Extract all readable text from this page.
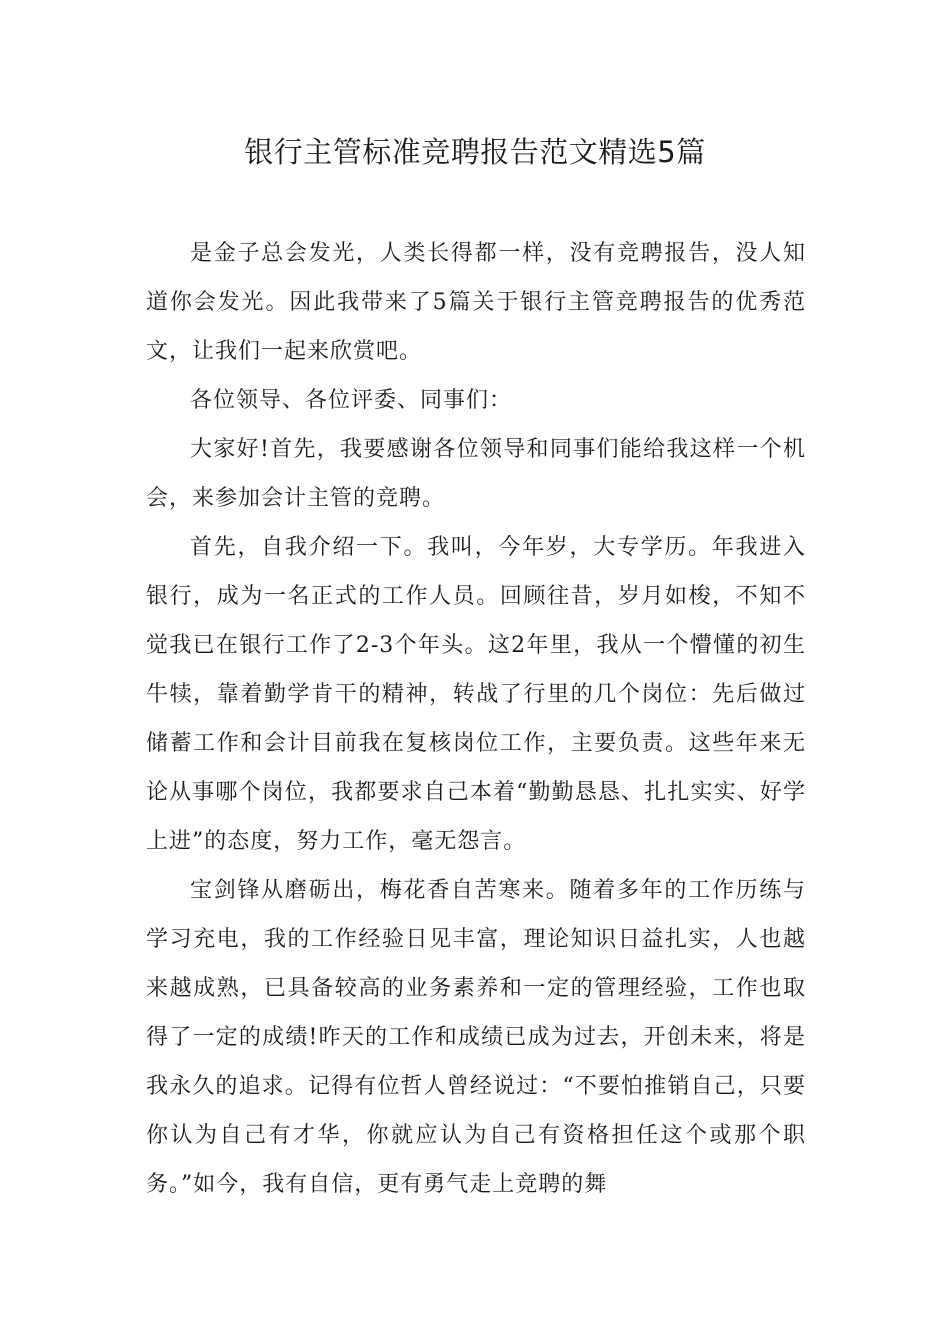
银行主管标准竞聘报告范文精选5篇

是金子总会发光，人类长得都一样，没有竞聘报告，没人知道你会发光。因此我带来了5篇关于银行主管竞聘报告的优秀范文，让我们一起来欣赏吧。

各位领导、各位评委、同事们：

大家好!首先，我要感谢各位领导和同事们能给我这样一个机会，来参加会计主管的竞聘。

首先，自我介绍一下。我叫，今年岁，大专学历。年我进入银行，成为一名正式的工作人员。回顾往昔，岁月如梭，不知不觉我已在银行工作了2-3个年头。这2年里，我从一个懵懂的初生牛犊，靠着勤学肯干的精神，转战了行里的几个岗位：先后做过储蓄工作和会计目前我在复核岗位工作，主要负责。这些年来无论从事哪个岗位，我都要求自己本着“勤勤恳恳、扎扎实实、好学上进”的态度，努力工作，毫无怨言。

宝剑锋从磨砺出，梅花香自苦寒来。随着多年的工作历练与学习充电，我的工作经验日见丰富，理论知识日益扎实，人也越来越成熟，已具备较高的业务素养和一定的管理经验，工作也取得了一定的成绩!昨天的工作和成绩已成为过去，开创未来，将是我永久的追求。记得有位哲人曾经说过：“不要怕推销自己，只要你认为自己有才华，你就应认为自己有资格担任这个或那个职务。”如今，我有自信，更有勇气走上竞聘的舞
